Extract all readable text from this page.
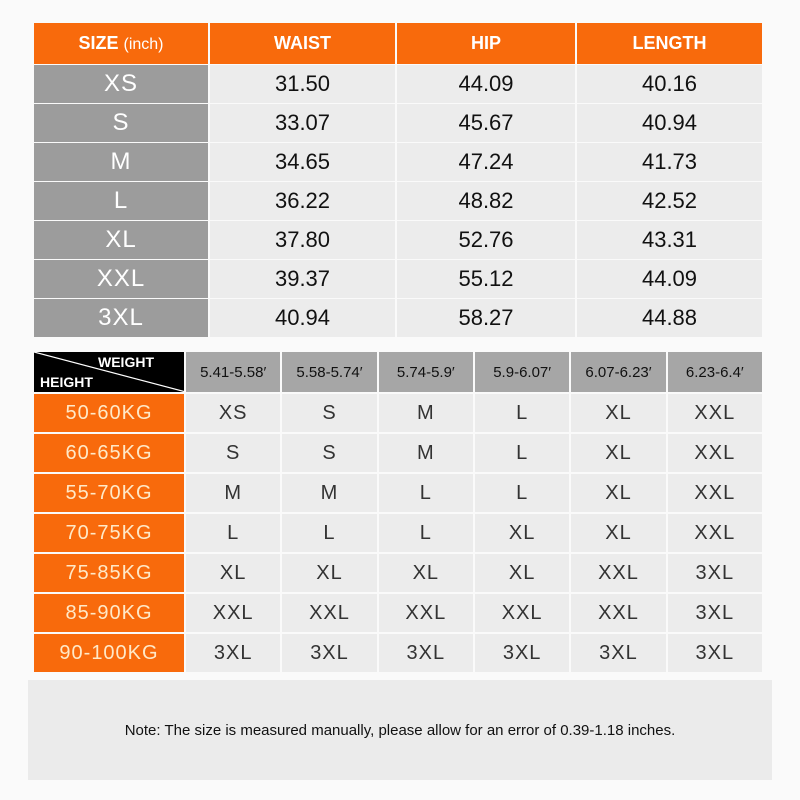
SIZE (inch)	WAIST	HIP	LENGTH
XS	31.50	44.09	40.16
S	33.07	45.67	40.94
M	34.65	47.24	41.73
L	36.22	48.82	42.52
XL	37.80	52.76	43.31
XXL	39.37	55.12	44.09
3XL	40.94	58.27	44.88
WEIGHT
HEIGHT	5.41-5.58′	5.58-5.74′	5.74-5.9′	5.9-6.07′	6.07-6.23′	6.23-6.4′
50-60KG	XS	S	M	L	XL	XXL
60-65KG	S	S	M	L	XL	XXL
55-70KG	M	M	L	L	XL	XXL
70-75KG	L	L	L	XL	XL	XXL
75-85KG	XL	XL	XL	XL	XXL	3XL
85-90KG	XXL	XXL	XXL	XXL	XXL	3XL
90-100KG	3XL	3XL	3XL	3XL	3XL	3XL
Note: The size is measured manually, please allow for an error of 0.39-1.18 inches.
